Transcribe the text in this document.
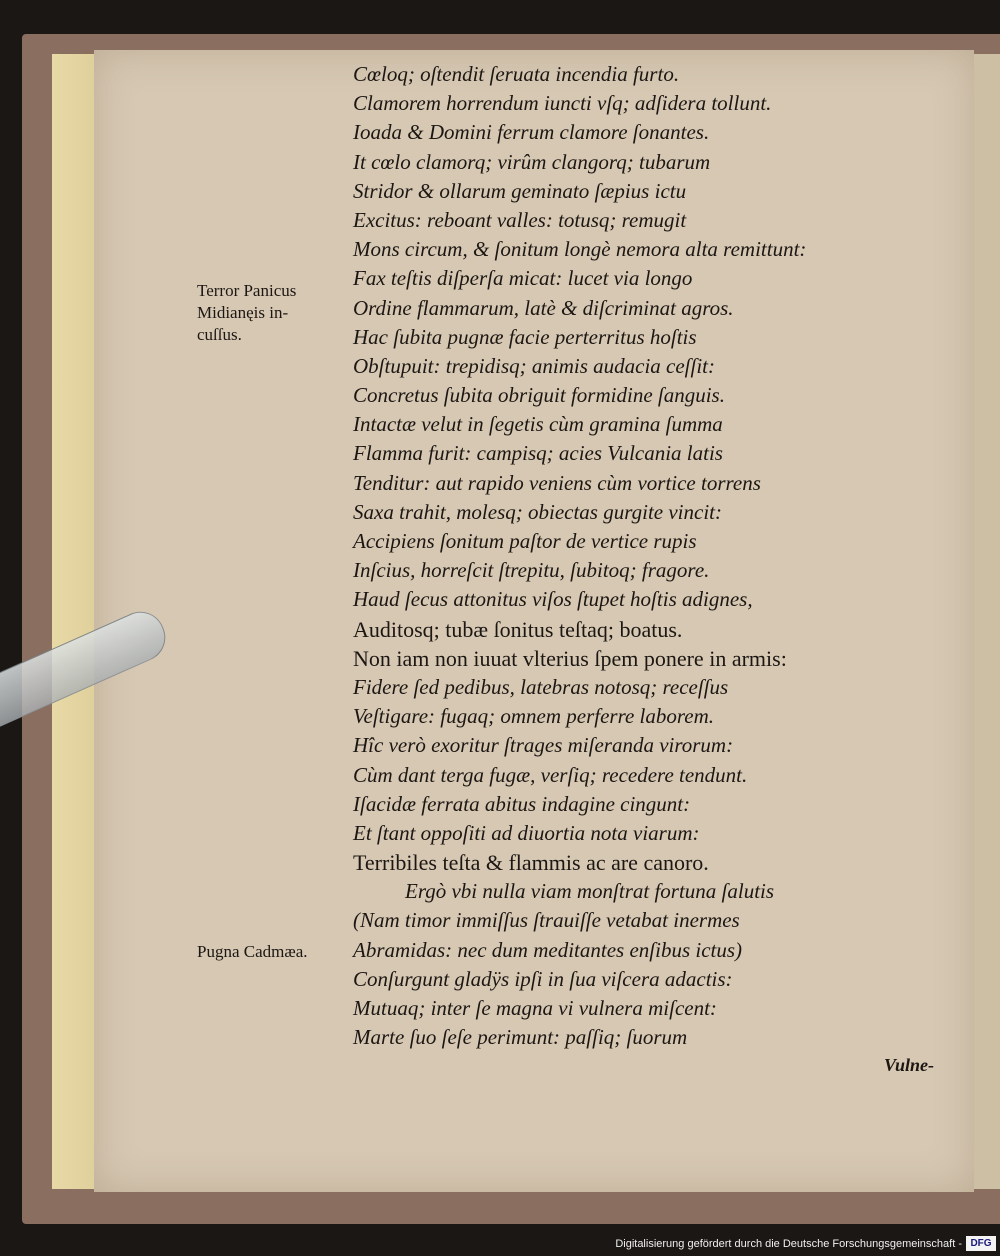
Cœloq; oſtendit ſeruata incendia furto.
Clamorem horrendum iuncti vſq; adſidera tollunt.
Ioada & Domini ferrum clamore ſonantes.
It cœlo clamorq; virûm clangorq; tubarum
Stridor & ollarum geminato ſæpius ictu
Excitus: reboant valles: totusq; remugit
Mons circum, & ſonitum longè nemora alta remittunt:
Fax teſtis diſperſa micat: lucet via longo
Ordine flammarum, latè & diſcriminat agros.
Hac ſubita pugnæ facie perterritus hoſtis
Obſtupuit: trepidisq; animis audacia ceſſit:
Concretus ſubita obriguit formidine ſanguis.
Intactæ velut in ſegetis cùm gramina ſumma
Flamma furit: campisq; acies Vulcania latis
Tenditur: aut rapido veniens cùm vortice torrens
Saxa trahit, molesq; obiectas gurgite vincit:
Accipiens ſonitum paſtor de vertice rupis
Inſcius, horreſcit ſtrepitu, ſubitoq; fragore.
Haud ſecus attonitus viſos ſtupet hoſtis adignes,
Auditosq; tubæ ſonitus teſtaq; boatus.
Non iam non iuuat vlterius ſpem ponere in armis:
Fidere ſed pedibus, latebras notosq; receſſus
Veſtigare: fugaq; omnem perferre laborem.
Hîc verò exoritur ſtrages miſeranda virorum:
Cùm dant terga fugæ, verſiq; recedere tendunt.
Iſacidæ ferrata abitus indagine cingunt:
Et ſtant oppoſiti ad diuortia nota viarum:
Terribiles teſta & flammis ac are canoro.
Ergò vbi nulla viam monſtrat fortuna ſalutis
(Nam timor immiſſus ſtrauiſſe vetabat inermes
Abramidas: nec dum meditantes enſibus ictus)
Conſurgunt gladÿs ipſi in ſua viſcera adactis:
Mutuaq; inter ſe magna vi vulnera miſcent:
Marte ſuo ſeſe perimunt: paſſiq; ſuorum
Terror Panicus
Midianęis in-
cuſſus.
Pugna Cadmæa.
Vulne-
Digitalisierung gefördert durch die Deutsche Forschungsgemeinschaft - DFG
